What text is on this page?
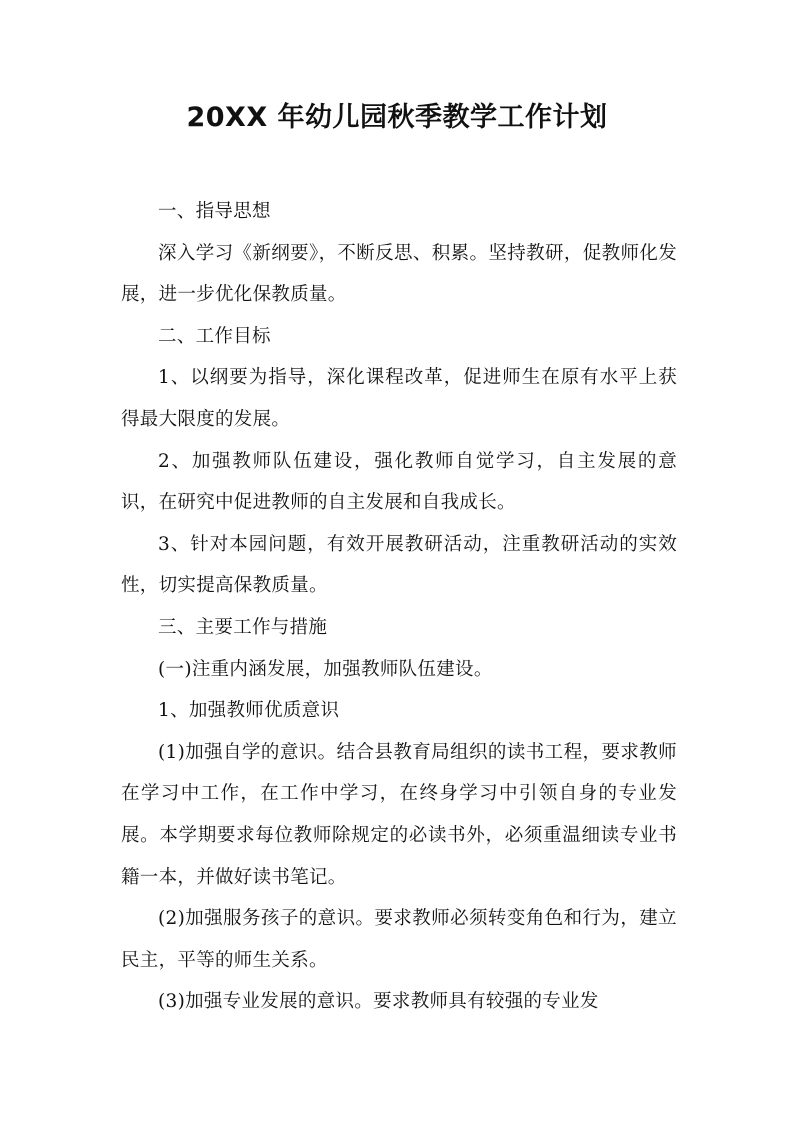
20XX 年幼儿园秋季教学工作计划

一、指导思想

深入学习《新纲要》，不断反思、积累。坚持教研，促教师化发展，进一步优化保教质量。

二、工作目标

1、以纲要为指导，深化课程改革，促进师生在原有水平上获得最大限度的发展。

2、加强教师队伍建设，强化教师自觉学习，自主发展的意识，在研究中促进教师的自主发展和自我成长。

3、针对本园问题，有效开展教研活动，注重教研活动的实效性，切实提高保教质量。

三、主要工作与措施

(一)注重内涵发展，加强教师队伍建设。

1、加强教师优质意识

(1)加强自学的意识。结合县教育局组织的读书工程，要求教师在学习中工作，在工作中学习，在终身学习中引领自身的专业发展。本学期要求每位教师除规定的必读书外，必须重温细读专业书籍一本，并做好读书笔记。

(2)加强服务孩子的意识。要求教师必须转变角色和行为，建立民主，平等的师生关系。

(3)加强专业发展的意识。要求教师具有较强的专业发
